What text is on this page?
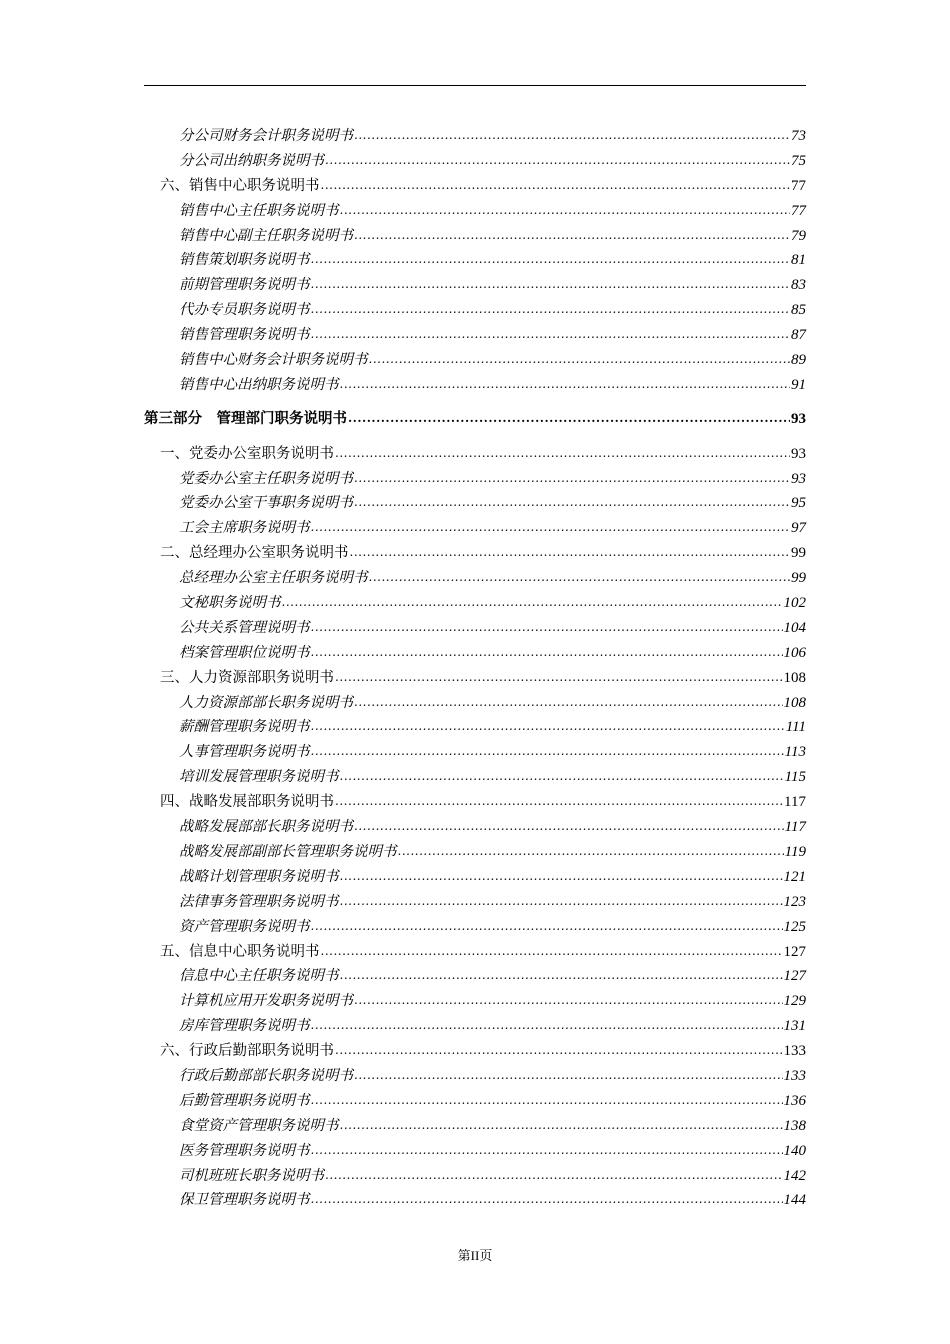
分公司财务会计职务说明书 .....	73
分公司出纳职务说明书 .....	75
六、销售中心职务说明书 .....	77
销售中心主任职务说明书 .....	77
销售中心副主任职务说明书 .....	79
销售策划职务说明书 .....	81
前期管理职务说明书 .....	83
代办专员职务说明书 .....	85
销售管理职务说明书 .....	87
销售中心财务会计职务说明书 .....	89
销售中心出纳职务说明书 .....	91
第三部分　管理部门职务说明书 .....	93
一、党委办公室职务说明书 .....	93
党委办公室主任职务说明书 .....	93
党委办公室干事职务说明书 .....	95
工会主席职务说明书 .....	97
二、总经理办公室职务说明书 .....	99
总经理办公室主任职务说明书 .....	99
文秘职务说明书 .....	102
公共关系管理说明书 .....	104
档案管理职位说明书 .....	106
三、人力资源部职务说明书 .....	108
人力资源部部长职务说明书 .....	108
薪酬管理职务说明书 .....	111
人事管理职务说明书 .....	113
培训发展管理职务说明书 .....	115
四、战略发展部职务说明书 .....	117
战略发展部部长职务说明书 .....	117
战略发展部副部长管理职务说明书 .....	119
战略计划管理职务说明书 .....	121
法律事务管理职务说明书 .....	123
资产管理职务说明书 .....	125
五、信息中心职务说明书 .....	127
信息中心主任职务说明书 .....	127
计算机应用开发职务说明书 .....	129
房库管理职务说明书 .....	131
六、行政后勤部职务说明书 .....	133
行政后勤部部长职务说明书 .....	133
后勤管理职务说明书 .....	136
食堂资产管理职务说明书 .....	138
医务管理职务说明书 .....	140
司机班班长职务说明书 .....	142
保卫管理职务说明书 .....	144
第II页
